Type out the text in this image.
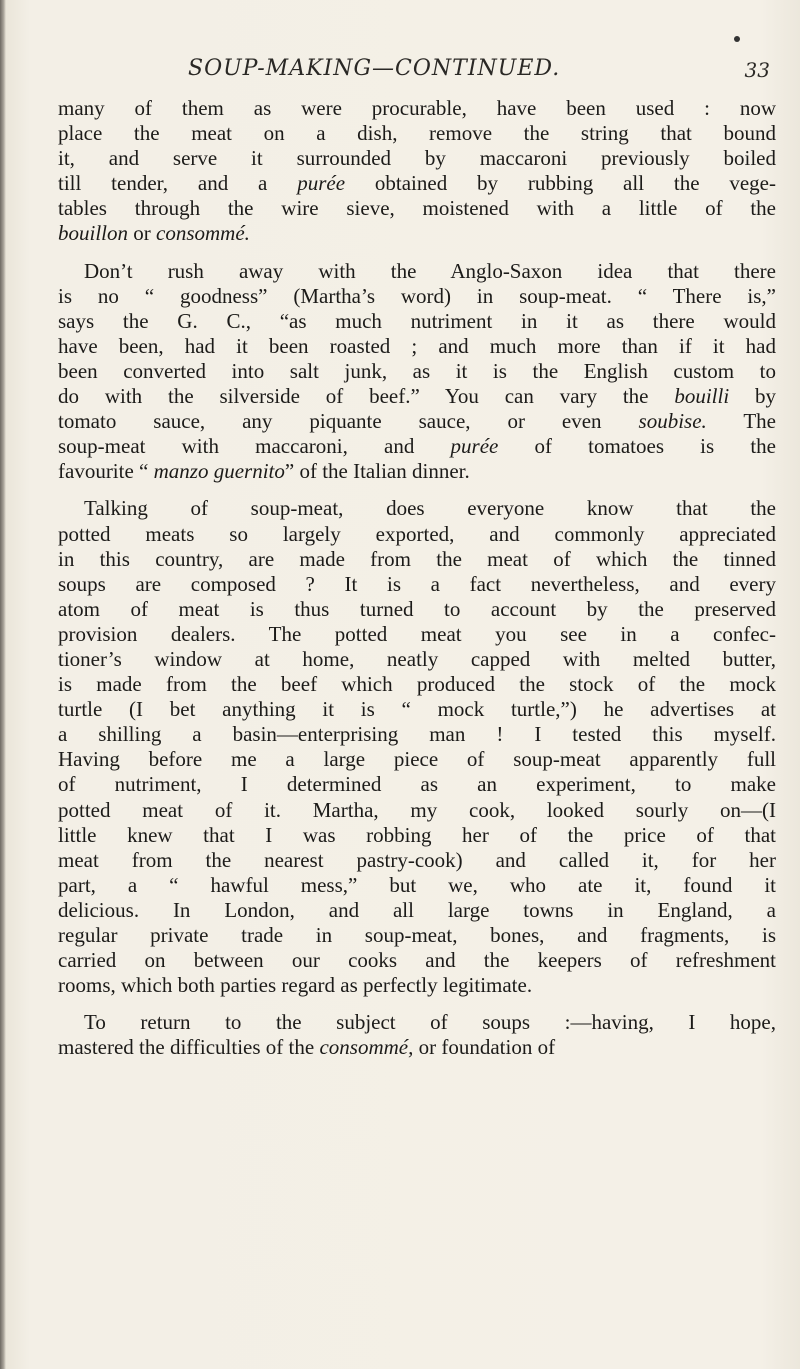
SOUP-MAKING—CONTINUED.	33
many of them as were procurable, have been used : now
place the meat on a dish, remove the string that bound
it, and serve it surrounded by maccaroni previously boiled
till tender, and a purée obtained by rubbing all the vege-
tables through the wire sieve, moistened with a little of the
bouillon or consommé.
Don’t rush away with the Anglo-Saxon idea that there
is no “ goodness” (Martha’s word) in soup-meat. “ There is,”
says the G. C., “as much nutriment in it as there would
have been, had it been roasted ; and much more than if it had
been converted into salt junk, as it is the English custom to
do with the silverside of beef.” You can vary the bouilli by
tomato sauce, any piquante sauce, or even soubise. The
soup-meat with maccaroni, and purée of tomatoes is the
favourite “ manzo guernito” of the Italian dinner.
Talking of soup-meat, does everyone know that the
potted meats so largely exported, and commonly appreciated
in this country, are made from the meat of which the tinned
soups are composed ? It is a fact nevertheless, and every
atom of meat is thus turned to account by the preserved
provision dealers. The potted meat you see in a confec-
tioner’s window at home, neatly capped with melted butter,
is made from the beef which produced the stock of the mock
turtle (I bet anything it is “ mock turtle,”) he advertises at
a shilling a basin—enterprising man ! I tested this myself.
Having before me a large piece of soup-meat apparently full
of nutriment, I determined as an experiment, to make
potted meat of it. Martha, my cook, looked sourly on—(I
little knew that I was robbing her of the price of that
meat from the nearest pastry-cook) and called it, for her
part, a “ hawful mess,” but we, who ate it, found it
delicious. In London, and all large towns in England, a
regular private trade in soup-meat, bones, and fragments, is
carried on between our cooks and the keepers of refreshment
rooms, which both parties regard as perfectly legitimate.
To return to the subject of soups :—having, I hope,
mastered the difficulties of the consommé, or foundation of
